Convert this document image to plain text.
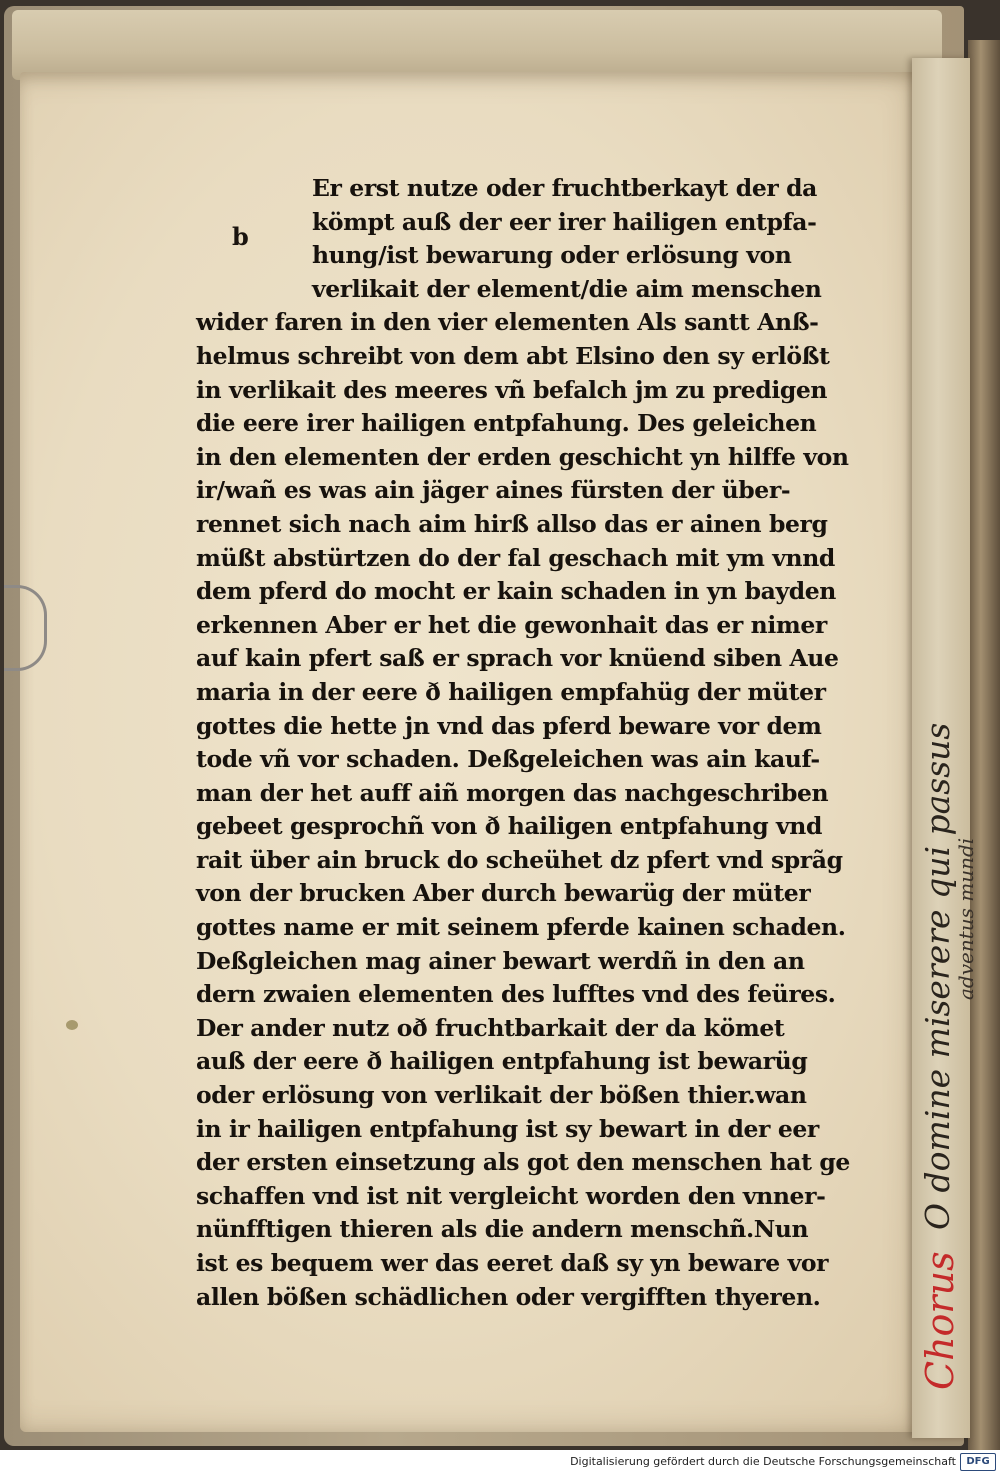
Chorus
O domine miserere qui passus
adventus mundi
b
Er erst nutze oder fruchtberkayt der da
kömpt auß der eer irer hailigen entpfa-
hung/ist bewarung oder erlösung von
verlikait der element/die aim menschen
wider faren in den vier elementen Als santt Anß-
helmus schreibt von dem abt Elsino den sy erlößt
in verlikait des meeres vñ befalch jm zu predigen
die eere irer hailigen entpfahung. Des geleichen
in den elementen der erden geschicht yn hilffe von
ir/wañ es was ain jäger aines fürsten der über-
rennet sich nach aim hirß allso das er ainen berg
müßt abstürtzen do der fal geschach mit ym vnnd
dem pferd do mocht er kain schaden in yn bayden
erkennen Aber er het die gewonhait das er nimer
auf kain pfert saß er sprach vor knüend siben Aue
maria in der eere ð hailigen empfahüg der müter
gottes die hette jn vnd das pferd beware vor dem
tode vñ vor schaden. Deßgeleichen was ain kauf-
man der het auff aiñ morgen das nachgeschriben
gebeet gesprochñ von ð hailigen entpfahung vnd
rait über ain bruck do scheühet dz pfert vnd sprãg
von der brucken Aber durch bewarüg der müter
gottes name er mit seinem pferde kainen schaden.
Deßgleichen mag ainer bewart werdñ in den an
dern zwaien elementen des lufftes vnd des feüres.
Der ander nutz oð fruchtbarkait der da kömet
auß der eere ð hailigen entpfahung ist bewarüg
oder erlösung von verlikait der bößen thier.wan
in ir hailigen entpfahung ist sy bewart in der eer
der ersten einsetzung als got den menschen hat ge
schaffen vnd ist nit vergleicht worden den vnner-
nünfftigen thieren als die andern menschñ.Nun
ist es bequem wer das eeret daß sy yn beware vor
allen bößen schädlichen oder vergifften thyeren.
Digitalisierung gefördert durch die Deutsche Forschungsgemeinschaft	DFG
